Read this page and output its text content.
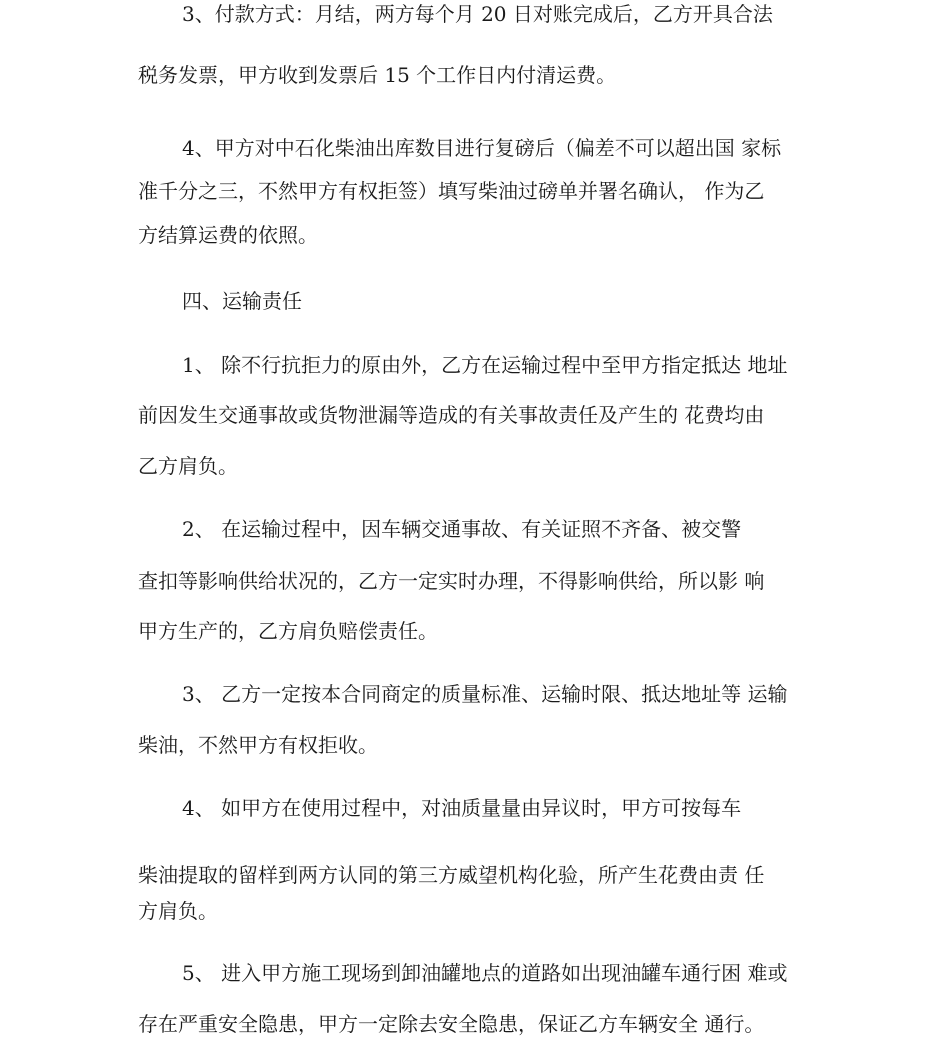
3、付款方式：月结，两方每个月 20 日对账完成后，乙方开具合法

税务发票，甲方收到发票后 15 个工作日内付清运费。

4、甲方对中石化柴油出库数目进行复磅后（偏差不可以超出国 家标

准千分之三，不然甲方有权拒签）填写柴油过磅单并署名确认， 作为乙

方结算运费的依照。

四、运输责任

1、 除不行抗拒力的原由外，乙方在运输过程中至甲方指定抵达 地址

前因发生交通事故或货物泄漏等造成的有关事故责任及产生的 花费均由

乙方肩负。

2、 在运输过程中，因车辆交通事故、有关证照不齐备、被交警

查扣等影响供给状况的，乙方一定实时办理，不得影响供给，所以影 响

甲方生产的，乙方肩负赔偿责任。

3、 乙方一定按本合同商定的质量标准、运输时限、抵达地址等 运输

柴油，不然甲方有权拒收。

4、 如甲方在使用过程中，对油质量量由异议时，甲方可按每车

柴油提取的留样到两方认同的第三方威望机构化验，所产生花费由责 任

方肩负。

5、 进入甲方施工现场到卸油罐地点的道路如出现油罐车通行困 难或

存在严重安全隐患，甲方一定除去安全隐患，保证乙方车辆安全 通行。
